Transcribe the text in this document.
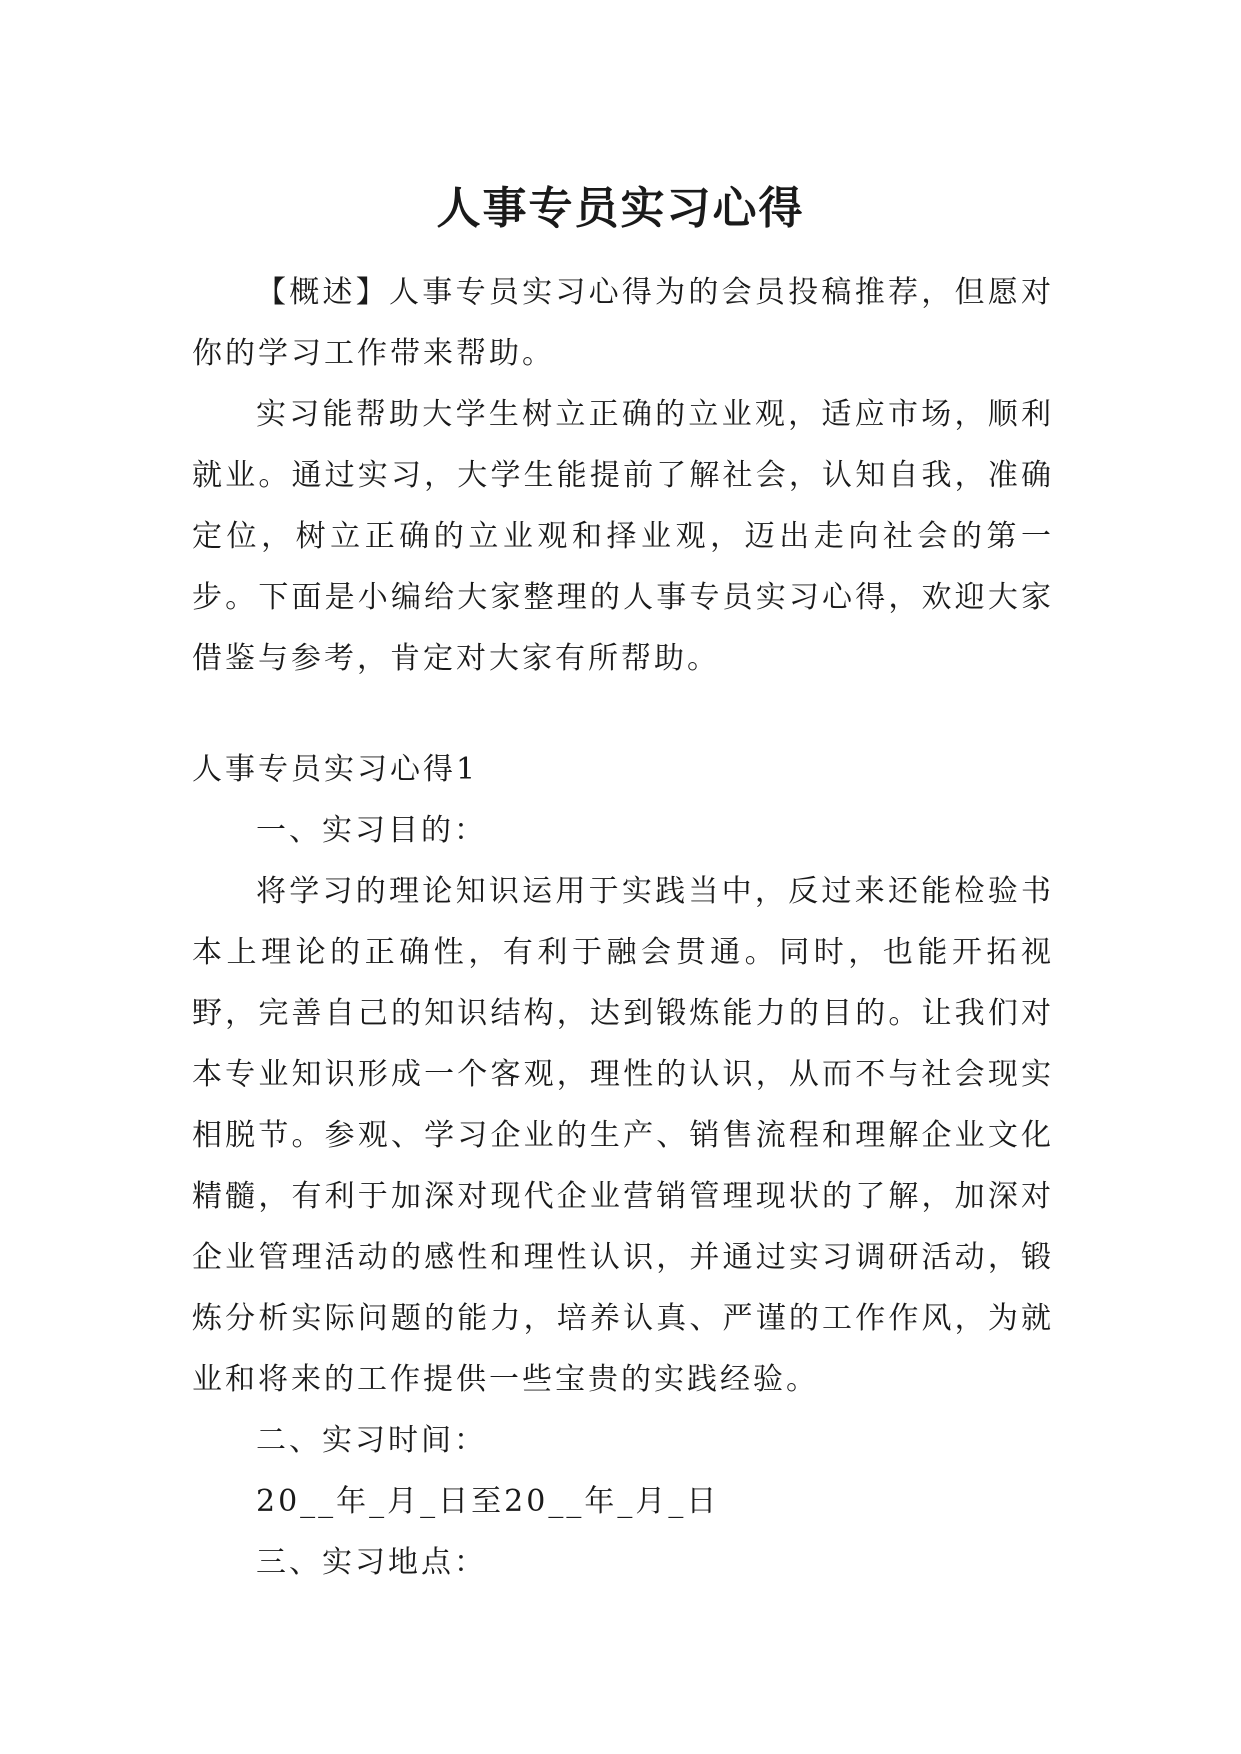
人事专员实习心得

【概述】人事专员实习心得为的会员投稿推荐，但愿对你的学习工作带来帮助。

实习能帮助大学生树立正确的立业观，适应市场，顺利就业。通过实习，大学生能提前了解社会，认知自我，准确定位，树立正确的立业观和择业观，迈出走向社会的第一步。下面是小编给大家整理的人事专员实习心得，欢迎大家借鉴与参考，肯定对大家有所帮助。

人事专员实习心得1

一、实习目的：

将学习的理论知识运用于实践当中，反过来还能检验书本上理论的正确性，有利于融会贯通。同时，也能开拓视野，完善自己的知识结构，达到锻炼能力的目的。让我们对本专业知识形成一个客观，理性的认识，从而不与社会现实相脱节。参观、学习企业的生产、销售流程和理解企业文化精髓，有利于加深对现代企业营销管理现状的了解，加深对企业管理活动的感性和理性认识，并通过实习调研活动，锻炼分析实际问题的能力，培养认真、严谨的工作作风，为就业和将来的工作提供一些宝贵的实践经验。

二、实习时间：

20__年_月_日至20__年_月_日

三、实习地点：
